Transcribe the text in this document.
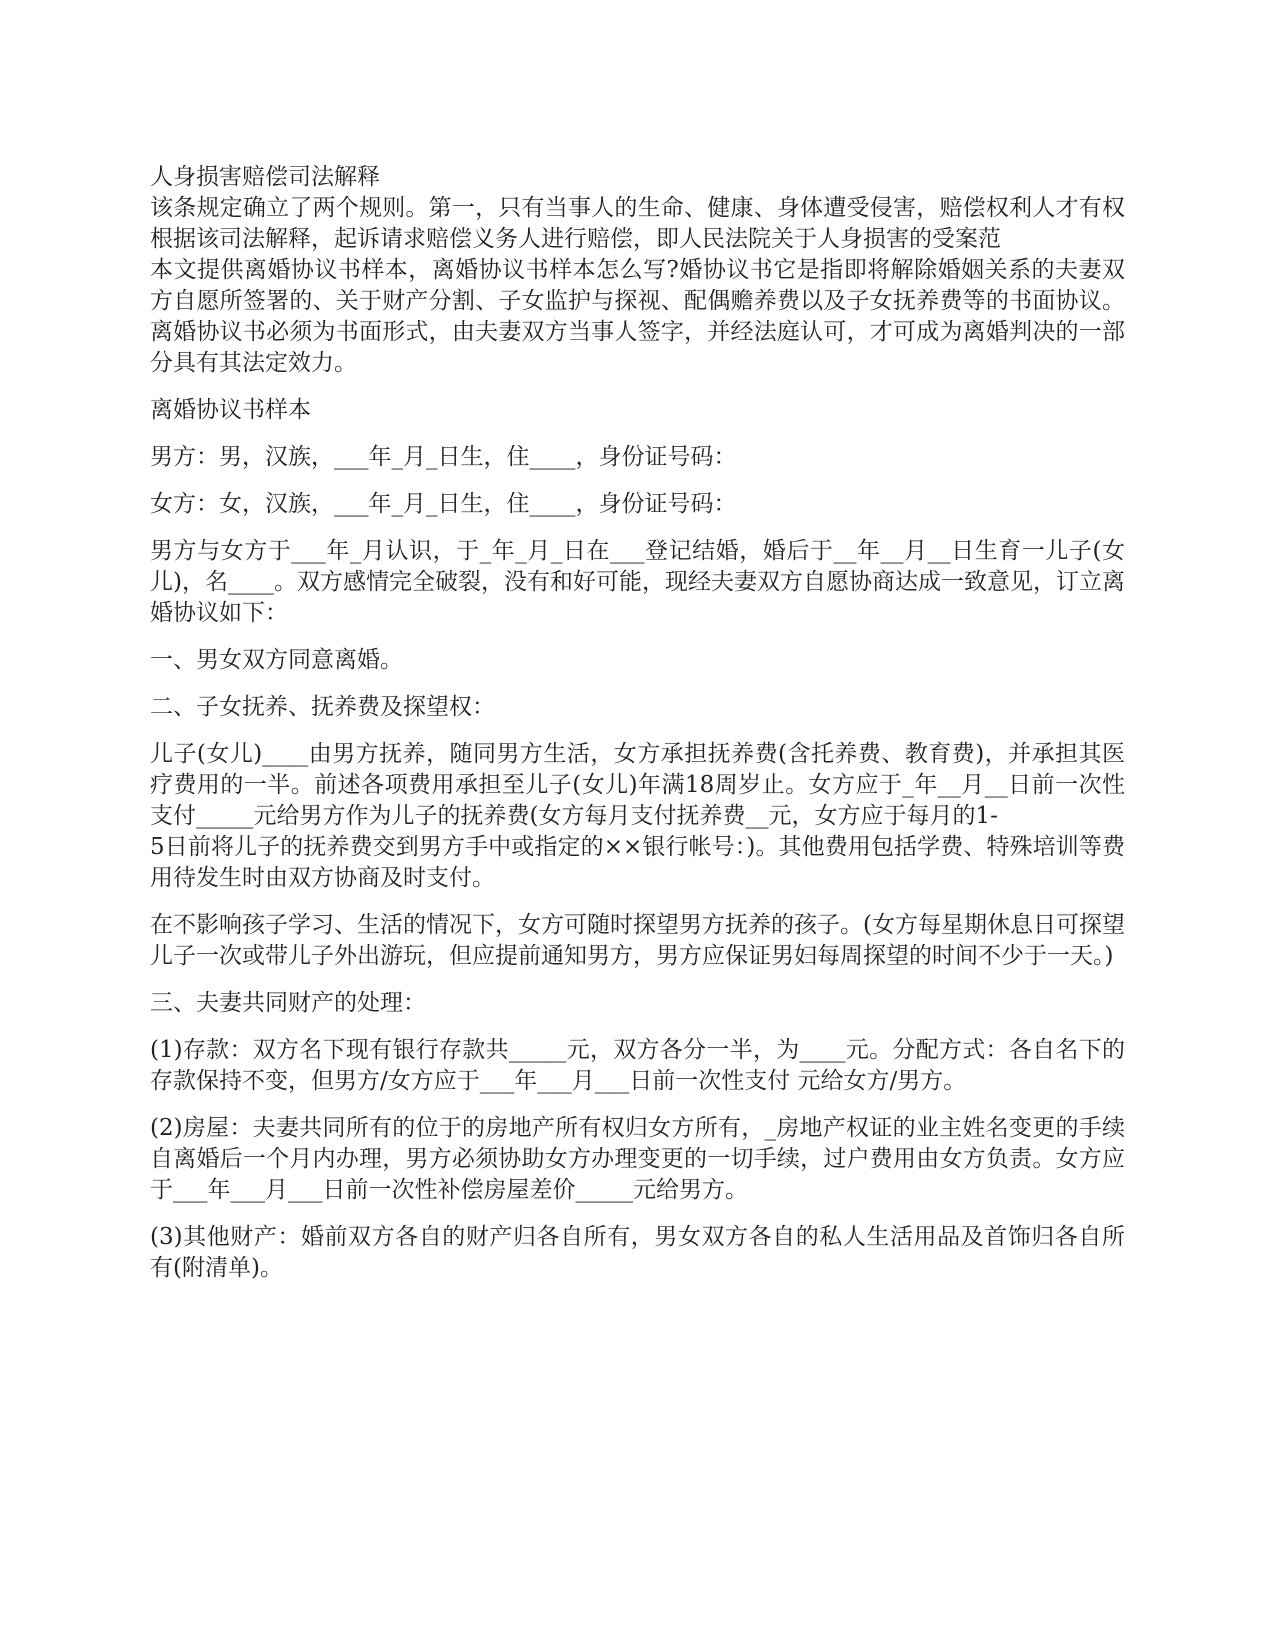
人身损害赔偿司法解释

该条规定确立了两个规则。第一，只有当事人的生命、健康、身体遭受侵害，赔偿权利人才有权根据该司法解释，起诉请求赔偿义务人进行赔偿，即人民法院关于人身损害的受案范

本文提供离婚协议书样本，离婚协议书样本怎么写?婚协议书它是指即将解除婚姻关系的夫妻双方自愿所签署的、关于财产分割、子女监护与探视、配偶赡养费以及子女抚养费等的书面协议。离婚协议书必须为书面形式，由夫妻双方当事人签字，并经法庭认可，才可成为离婚判决的一部分具有其法定效力。

离婚协议书样本

男方：男，汉族，___年_月_日生，住____，身份证号码：

女方：女，汉族，___年_月_日生，住____，身份证号码：

男方与女方于___年_月认识，于_年_月_日在___登记结婚，婚后于__年__月__日生育一儿子(女儿)，名____。双方感情完全破裂，没有和好可能，现经夫妻双方自愿协商达成一致意见，订立离婚协议如下：

一、男女双方同意离婚。

二、子女抚养、抚养费及探望权：

儿子(女儿)____由男方抚养，随同男方生活，女方承担抚养费(含托养费、教育费)，并承担其医疗费用的一半。前述各项费用承担至儿子(女儿)年满18周岁止。女方应于_年__月__日前一次性支付_____元给男方作为儿子的抚养费(女方每月支付抚养费__元，女方应于每月的1-

5日前将儿子的抚养费交到男方手中或指定的××银行帐号：)。其他费用包括学费、特殊培训等费用待发生时由双方协商及时支付。

在不影响孩子学习、生活的情况下，女方可随时探望男方抚养的孩子。(女方每星期休息日可探望儿子一次或带儿子外出游玩，但应提前通知男方，男方应保证男妇每周探望的时间不少于一天。)

三、夫妻共同财产的处理：

(1)存款：双方名下现有银行存款共_____元，双方各分一半，为____元。分配方式：各自名下的存款保持不变，但男方/女方应于___年___月___日前一次性支付 元给女方/男方。

(2)房屋：夫妻共同所有的位于的房地产所有权归女方所有，_房地产权证的业主姓名变更的手续自离婚后一个月内办理，男方必须协助女方办理变更的一切手续，过户费用由女方负责。女方应于___年___月___日前一次性补偿房屋差价_____元给男方。

(3)其他财产：婚前双方各自的财产归各自所有，男女双方各自的私人生活用品及首饰归各自所有(附清单)。
